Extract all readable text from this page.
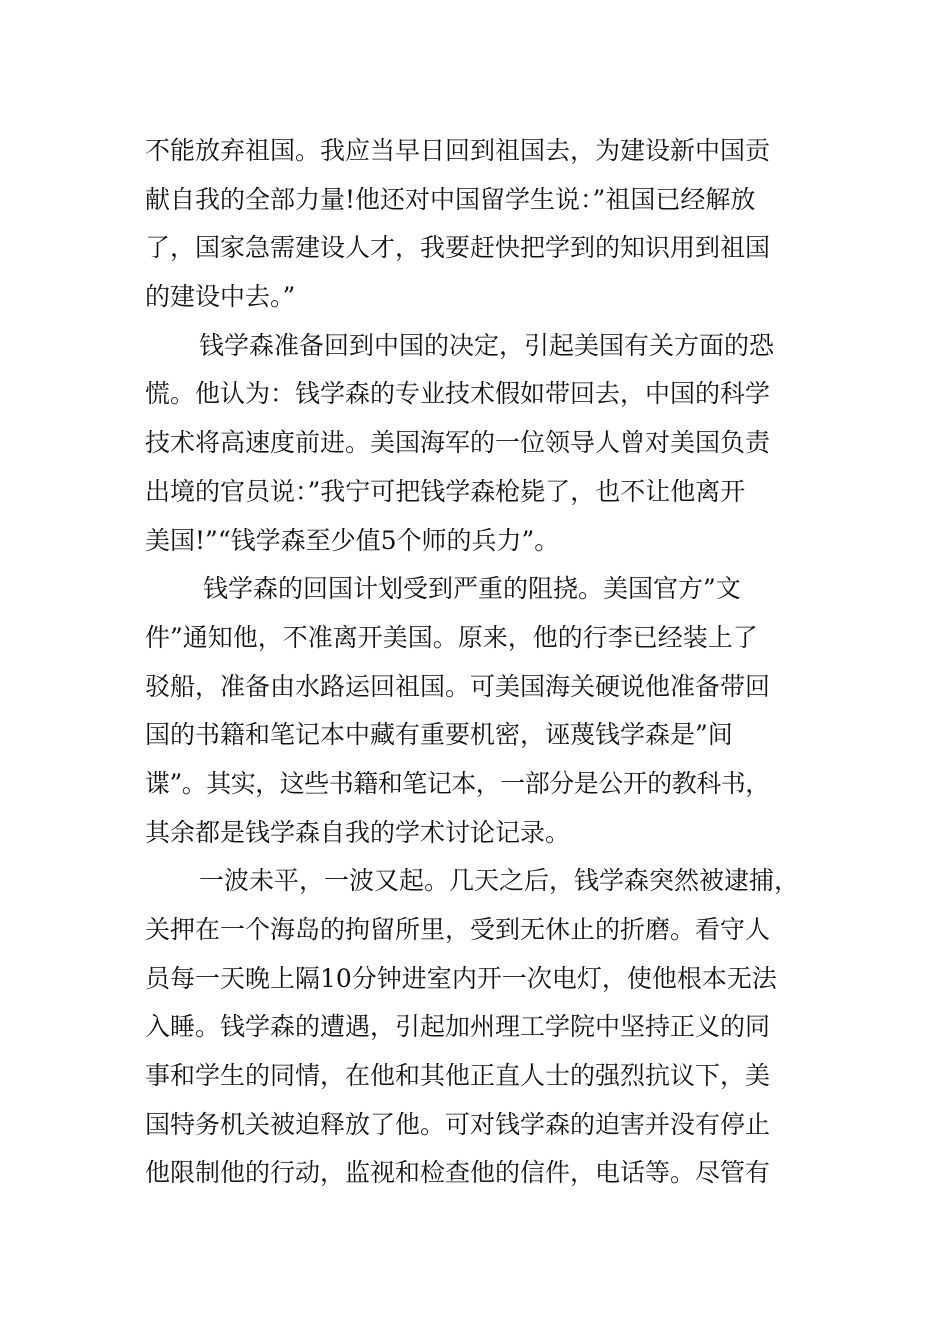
不能放弃祖国。我应当早日回到祖国去，为建设新中国贡
献自我的全部力量!他还对中国留学生说：”祖国已经解放
了，国家急需建设人才，我要赶快把学到的知识用到祖国
的建设中去。”
钱学森准备回到中国的决定，引起美国有关方面的恐
慌。他认为：钱学森的专业技术假如带回去，中国的科学
技术将高速度前进。美国海军的一位领导人曾对美国负责
出境的官员说：”我宁可把钱学森枪毙了，也不让他离开
美国!”“钱学森至少值5个师的兵力”。
钱学森的回国计划受到严重的阻挠。美国官方”文
件”通知他，不准离开美国。原来，他的行李已经装上了
驳船，准备由水路运回祖国。可美国海关硬说他准备带回
国的书籍和笔记本中藏有重要机密，诬蔑钱学森是”间
谍”。其实，这些书籍和笔记本，一部分是公开的教科书，
其余都是钱学森自我的学术讨论记录。
一波未平，一波又起。几天之后，钱学森突然被逮捕，
关押在一个海岛的拘留所里，受到无休止的折磨。看守人
员每一天晚上隔10分钟进室内开一次电灯，使他根本无法
入睡。钱学森的遭遇，引起加州理工学院中坚持正义的同
事和学生的同情，在他和其他正直人士的强烈抗议下，美
国特务机关被迫释放了他。可对钱学森的迫害并没有停止
他限制他的行动，监视和检查他的信件，电话等。尽管有
